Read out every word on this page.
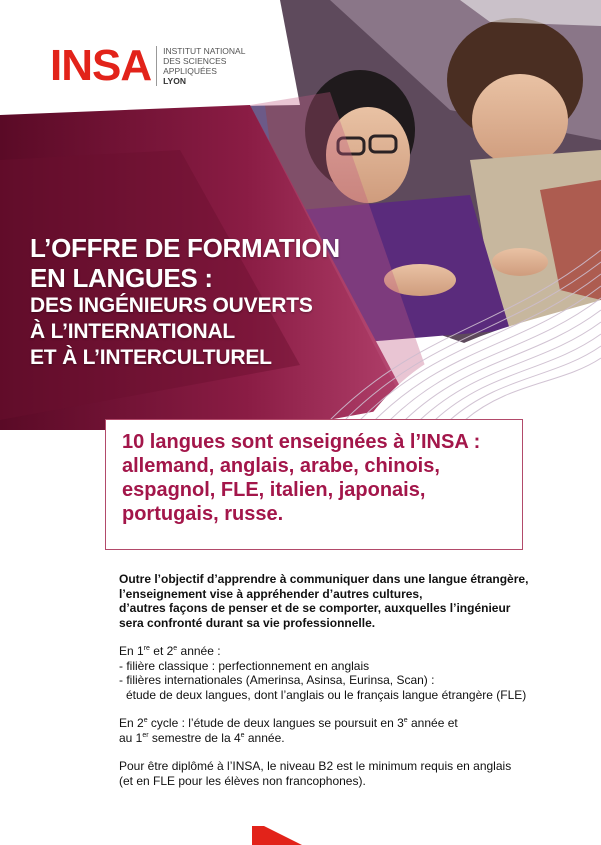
INSA INSTITUT NATIONAL
DES SCIENCES
APPLIQUÉES
LYON
L’OFFRE DE FORMATION
EN LANGUES :
DES INGÉNIEURS OUVERTS
À L’INTERNATIONAL
ET À L’INTERCULTUREL
10 langues sont enseignées à l’INSA :
allemand, anglais, arabe, chinois,
espagnol, FLE, italien, japonais,
portugais, russe.
Outre l’objectif d’apprendre à communiquer dans une langue étrangère,
l’enseignement vise à appréhender d’autres cultures,
d’autres façons de penser et de se comporter, auxquelles l’ingénieur
sera confronté durant sa vie professionnelle.
En 1re et 2e année :
- filière classique : perfectionnement en anglais
- filières internationales (Amerinsa, Asinsa, Eurinsa, Scan) :
étude de deux langues, dont l’anglais ou le français langue étrangère (FLE)
En 2e cycle : l’étude de deux langues se poursuit en 3e année et
au 1er semestre de la 4e année.
Pour être diplômé à l’INSA, le niveau B2 est le minimum requis en anglais
(et en FLE pour les élèves non francophones).
